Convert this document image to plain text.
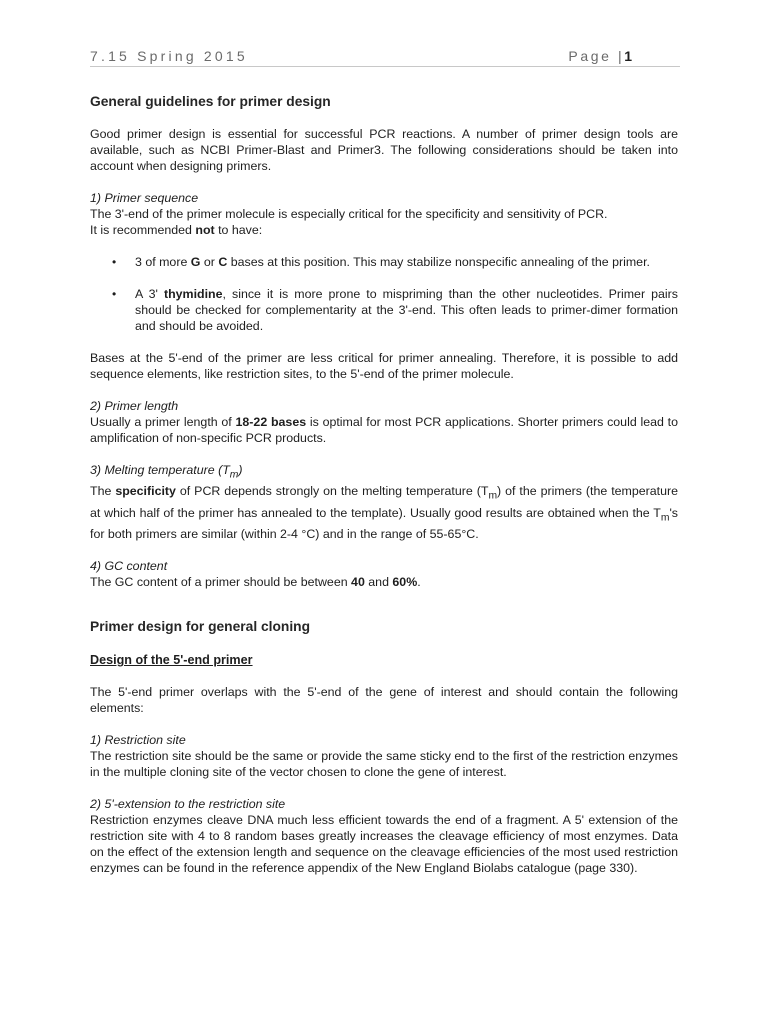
7.15 Spring 2015	Page |1

General guidelines for primer design

Good primer design is essential for successful PCR reactions. A number of primer design tools are available, such as NCBI Primer-Blast and Primer3. The following considerations should be taken into account when designing primers.

1) Primer sequence

The 3'-end of the primer molecule is especially critical for the specificity and sensitivity of PCR.

It is recommended not to have:

• 3 of more G or C bases at this position. This may stabilize nonspecific annealing of the primer.
• A 3' thymidine, since it is more prone to mispriming than the other nucleotides. Primer pairs should be checked for complementarity at the 3'-end. This often leads to primer-dimer formation and should be avoided.

Bases at the 5'-end of the primer are less critical for primer annealing. Therefore, it is possible to add sequence elements, like restriction sites, to the 5'-end of the primer molecule.

2) Primer length

Usually a primer length of 18-22 bases is optimal for most PCR applications. Shorter primers could lead to amplification of non-specific PCR products.

3) Melting temperature $(T_m)$

The specificity of PCR depends strongly on the melting temperature $(T_m)$ of the primers (the temperature at which half of the primer has annealed to the template). Usually good results are obtained when the $T_m's$ for both primers are similar (within 2-4 °C) and in the range of 55-65°C.

4) GC content

The GC content of a primer should be between 40 and 60%.

Primer design for general cloning

Design of the 5'-end primer

The 5'-end primer overlaps with the 5'-end of the gene of interest and should contain the following elements:

1) Restriction site

The restriction site should be the same or provide the same sticky end to the first of the restriction enzymes in the multiple cloning site of the vector chosen to clone the gene of interest.

2) 5'-extension to the restriction site

Restriction enzymes cleave DNA much less efficient towards the end of a fragment. A 5' extension of the restriction site with 4 to 8 random bases greatly increases the cleavage efficiency of most enzymes. Data on the effect of the extension length and sequence on the cleavage efficiencies of the most used restriction enzymes can be found in the reference appendix of the New England Biolabs catalogue (page 330).
